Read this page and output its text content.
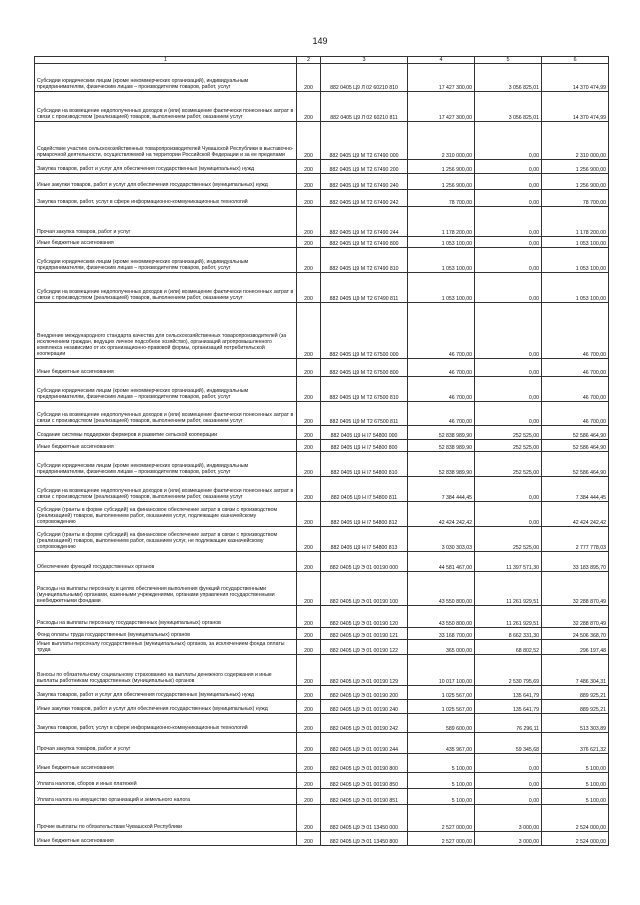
149
1	2	3	4	5	6
Субсидии юридическим лицам (кроме некоммерческих организаций), индивидуальным предпринимателям, физическим лицам – производителям товаров, работ, услуг	200	882 0405 Ц9 Л 02 60210 810	17 427 300,00	3 056 825,01	14 370 474,99
Субсидии на возмещение недополученных доходов и (или) возмещение фактически понесенных затрат в связи с производством (реализацией) товаров, выполнением работ, оказанием услуг	200	882 0405 Ц9 Л 02 60210 811	17 427 300,00	3 056 825,01	14 370 474,99
Содействие участию сельскохозяйственных товаропроизводителей Чувашской Республики в выставочно-ярмарочной деятельности, осуществляемой на территории Российской Федерации и за ее пределами	200	882 0405 Ц9 М Т2 67490 000	2 310 000,00	0,00	2 310 000,00
Закупка товаров, работ и услуг для обеспечения государственных (муниципальных) нужд	200	882 0405 Ц9 М Т2 67490 200	1 256 900,00	0,00	1 256 900,00
Иные закупки товаров, работ и услуг для обеспечения государственных (муниципальных) нужд	200	882 0405 Ц9 М Т2 67490 240	1 256 900,00	0,00	1 256 900,00
Закупка товаров, работ, услуг в сфере информационно-коммуникационных технологий	200	882 0405 Ц9 М Т2 67490 242	78 700,00	0,00	78 700,00
Прочая закупка товаров, работ и услуг	200	882 0405 Ц9 М Т2 67490 244	1 178 200,00	0,00	1 178 200,00
Иные бюджетные ассигнования	200	882 0405 Ц9 М Т2 67490 800	1 053 100,00	0,00	1 053 100,00
Субсидии юридическим лицам (кроме некоммерческих организаций), индивидуальным предпринимателям, физическим лицам – производителям товаров, работ, услуг	200	882 0405 Ц9 М Т2 67490 810	1 053 100,00	0,00	1 053 100,00
Субсидии на возмещение недополученных доходов и (или) возмещение фактически понесенных затрат в связи с производством (реализацией) товаров, выполнением работ, оказанием услуг	200	882 0405 Ц9 М Т2 67490 811	1 053 100,00	0,00	1 053 100,00
Внедрение международного стандарта качества для сельскохозяйственных товаропроизводителей (за исключением граждан, ведущих личное подсобное хозяйство), организаций агропромышленного комплекса независимо от их организационно-правовой формы, организаций потребительской кооперации	200	882 0405 Ц9 М Т2 67500 000	46 700,00	0,00	46 700,00
Иные бюджетные ассигнования	200	882 0405 Ц9 М Т2 67500 800	46 700,00	0,00	46 700,00
Субсидии юридическим лицам (кроме некоммерческих организаций), индивидуальным предпринимателям, физическим лицам – производителям товаров, работ, услуг	200	882 0405 Ц9 М Т2 67500 810	46 700,00	0,00	46 700,00
Субсидии на возмещение недополученных доходов и (или) возмещение фактически понесенных затрат в связи с производством (реализацией) товаров, выполнением работ, оказанием услуг	200	882 0405 Ц9 М Т2 67500 811	46 700,00	0,00	46 700,00
Создание системы поддержки фермеров и развитие сельской кооперации	200	882 0405 Ц9 Н I7 54800 000	52 838 989,90	252 525,00	52 586 464,90
Иные бюджетные ассигнования	200	882 0405 Ц9 Н I7 54800 800	52 838 989,90	252 525,00	52 586 464,90
Субсидии юридическим лицам (кроме некоммерческих организаций), индивидуальным предпринимателям, физическим лицам – производителям товаров, работ, услуг	200	882 0405 Ц9 Н I7 54800 810	52 838 989,90	252 525,00	52 586 464,90
Субсидии на возмещение недополученных доходов и (или) возмещение фактически понесенных затрат в связи с производством (реализацией) товаров, выполнением работ, оказанием услуг	200	882 0405 Ц9 Н I7 54800 811	7 384 444,45	0,00	7 384 444,45
Субсидии (гранты в форме субсидий) на финансовое обеспечение затрат в связи с производством (реализацией) товаров, выполнением работ, оказанием услуг, подлежащие казначейскому сопровождению	200	882 0405 Ц9 Н I7 54800 812	42 424 242,42	0,00	42 424 242,42
Субсидии (гранты в форме субсидий) на финансовое обеспечение затрат в связи с производством (реализацией) товаров, выполнением работ, оказанием услуг, не подлежащие казначейскому сопровождению	200	882 0405 Ц9 Н I7 54800 813	3 030 303,03	252 525,00	2 777 778,03
Обеспечение функций государственных органов	200	882 0405 Ц9 Э 01 00190 000	44 581 467,00	11 397 571,30	33 183 895,70
Расходы на выплаты персоналу в целях обеспечения выполнения функций государственными (муниципальными) органами, казенными учреждениями, органами управления государственными внебюджетными фондами	200	882 0405 Ц9 Э 01 00190 100	43 550 800,00	11 261 929,51	32 288 870,49
Расходы на выплаты персоналу государственных (муниципальных) органов	200	882 0405 Ц9 Э 01 00190 120	43 550 800,00	11 261 929,51	32 288 870,49
Фонд оплаты труда государственных (муниципальных) органов	200	882 0405 Ц9 Э 01 00190 121	33 168 700,00	8 662 331,30	24 506 368,70
Иные выплаты персоналу государственных (муниципальных) органов, за исключением фонда оплаты труда	200	882 0405 Ц9 Э 01 00190 122	365 000,00	68 802,52	296 197,48
Взносы по обязательному социальному страхованию на выплаты денежного содержания и иные выплаты работникам государственных (муниципальных) органов	200	882 0405 Ц9 Э 01 00190 129	10 017 100,00	2 530 795,69	7 486 304,31
Закупка товаров, работ и услуг для обеспечения государственных (муниципальных) нужд	200	882 0405 Ц9 Э 01 00190 200	1 025 567,00	135 641,79	889 925,21
Иные закупки товаров, работ и услуг для обеспечения государственных (муниципальных) нужд	200	882 0405 Ц9 Э 01 00190 240	1 025 567,00	135 641,79	889 925,21
Закупка товаров, работ, услуг в сфере информационно-коммуникационных технологий	200	882 0405 Ц9 Э 01 00190 242	589 600,00	76 296,11	513 303,89
Прочая закупка товаров, работ и услуг	200	882 0405 Ц9 Э 01 00190 244	435 967,00	59 345,68	376 621,32
Иные бюджетные ассигнования	200	882 0405 Ц9 Э 01 00190 800	5 100,00	0,00	5 100,00
Уплата налогов, сборов и иных платежей	200	882 0405 Ц9 Э 01 00190 850	5 100,00	0,00	5 100,00
Уплата налога на имущество организаций и земельного налога	200	882 0405 Ц9 Э 01 00190 851	5 100,00	0,00	5 100,00
Прочие выплаты по обязательствам Чувашской Республики	200	882 0405 Ц9 Э 01 13450 000	2 527 000,00	3 000,00	2 524 000,00
Иные бюджетные ассигнования	200	882 0405 Ц9 Э 01 13450 800	2 527 000,00	3 000,00	2 524 000,00
